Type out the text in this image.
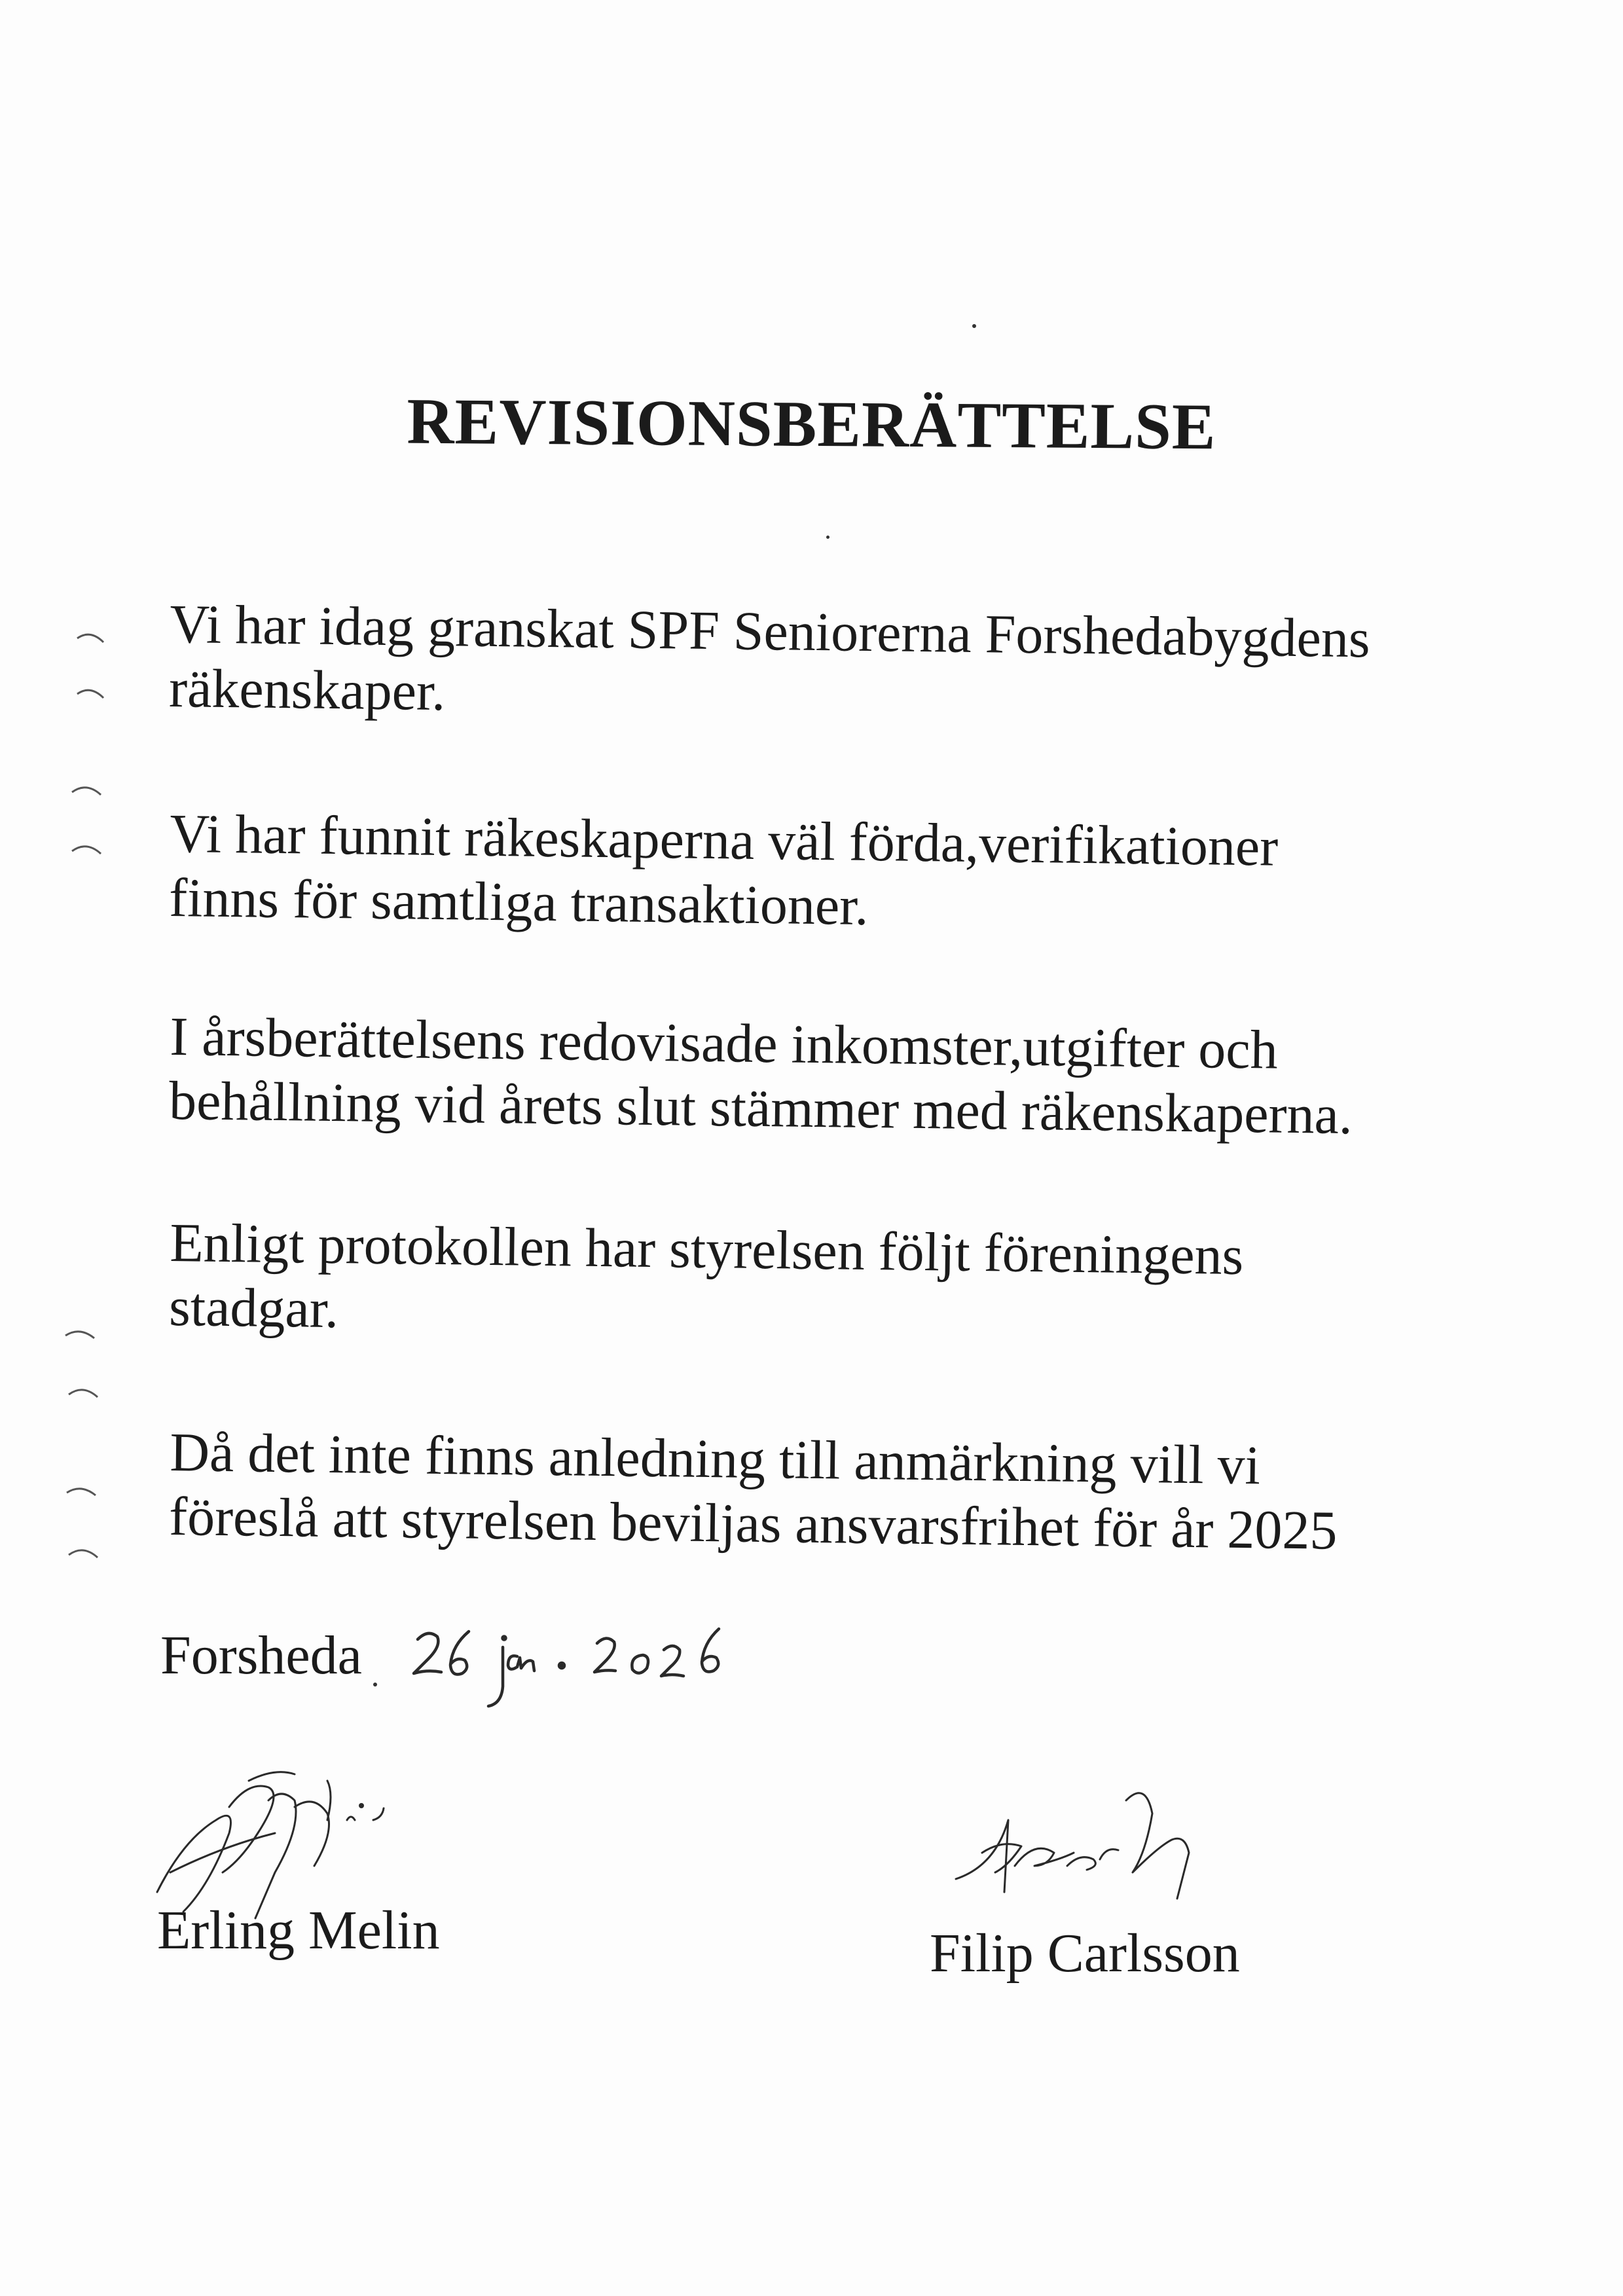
REVISIONSBERÄTTELSE
Vi har idag granskat SPF Seniorerna Forshedabygdens
räkenskaper.
Vi har funnit räkeskaperna väl förda,verifikationer
finns för samtliga transaktioner.
I årsberättelsens redovisade inkomster,utgifter och
behållning vid årets slut stämmer med räkenskaperna.
Enligt protokollen har styrelsen följt föreningens
stadgar.
Då det inte finns anledning till anmärkning vill vi
föreslå att styrelsen beviljas ansvarsfrihet för år 2025
Forsheda
Erling Melin	Filip Carlsson
